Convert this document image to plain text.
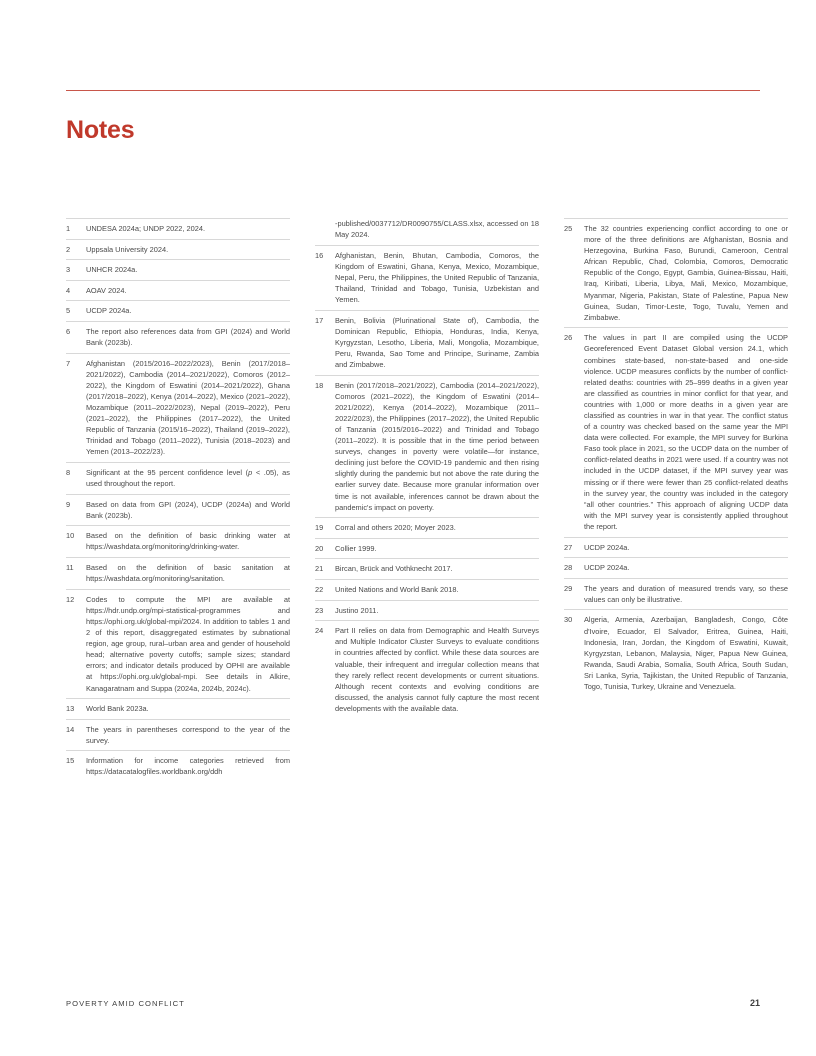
Notes
1	UNDESA 2024a; UNDP 2022, 2024.
2	Uppsala University 2024.
3	UNHCR 2024a.
4	AOAV 2024.
5	UCDP 2024a.
6	The report also references data from GPI (2024) and World Bank (2023b).
7	Afghanistan (2015/2016–2022/2023), Benin (2017/2018–2021/2022), Cambodia (2014–2021/2022), Comoros (2012–2022), the Kingdom of Eswatini (2014–2021/2022), Ghana (2017/2018–2022), Kenya (2014–2022), Mexico (2021–2022), Mozambique (2011–2022/2023), Nepal (2019–2022), Peru (2021–2022), the Philippines (2017–2022), the United Republic of Tanzania (2015/16–2022), Thailand (2019–2022), Trinidad and Tobago (2011–2022), Tunisia (2018–2023) and Yemen (2013–2022/23).
8	Significant at the 95 percent confidence level (p < .05), as used throughout the report.
9	Based on data from GPI (2024), UCDP (2024a) and World Bank (2023b).
10	Based on the definition of basic drinking water at https://washdata.org/monitoring/drinking-water.
11	Based on the definition of basic sanitation at https://washdata.org/monitoring/sanitation.
12	Codes to compute the MPI are available at https://hdr.undp.org/mpi-statistical-programmes and https://ophi.org.uk/global-mpi/2024. In addition to tables 1 and 2 of this report, disaggregated estimates by subnational region, age group, rural–urban area and gender of household head; alternative poverty cutoffs; sample sizes; standard errors; and indicator details produced by OPHI are available at https://ophi.org.uk/global-mpi. See details in Alkire, Kanagaratnam and Suppa (2024a, 2024b, 2024c).
13	World Bank 2023a.
14	The years in parentheses correspond to the year of the survey.
15	Information for income categories retrieved from https://datacatalogfiles.worldbank.org/ddh
-published/0037712/DR0090755/CLASS.xlsx, accessed on 18 May 2024.
16	Afghanistan, Benin, Bhutan, Cambodia, Comoros, the Kingdom of Eswatini, Ghana, Kenya, Mexico, Mozambique, Nepal, Peru, the Philippines, the United Republic of Tanzania, Thailand, Trinidad and Tobago, Tunisia, Uzbekistan and Yemen.
17	Benin, Bolivia (Plurinational State of), Cambodia, the Dominican Republic, Ethiopia, Honduras, India, Kenya, Kyrgyzstan, Lesotho, Liberia, Mali, Mongolia, Mozambique, Peru, Rwanda, Sao Tome and Principe, Suriname, Zambia and Zimbabwe.
18	Benin (2017/2018–2021/2022), Cambodia (2014–2021/2022), Comoros (2021–2022), the Kingdom of Eswatini (2014–2021/2022), Kenya (2014–2022), Mozambique (2011–2022/2023), the Philippines (2017–2022), the United Republic of Tanzania (2015/2016–2022) and Trinidad and Tobago (2011–2022). It is possible that in the time period between surveys, changes in poverty were volatile—for instance, declining just before the COVID-19 pandemic and then rising slightly during the pandemic but not above the rate during the earlier survey date. Because more granular information over time is not available, inferences cannot be drawn about the pandemic's impact on poverty.
19	Corral and others 2020; Moyer 2023.
20	Collier 1999.
21	Bircan, Brück and Vothknecht 2017.
22	United Nations and World Bank 2018.
23	Justino 2011.
24	Part II relies on data from Demographic and Health Surveys and Multiple Indicator Cluster Surveys to evaluate conditions in countries affected by conflict. While these data sources are valuable, their infrequent and irregular collection means that they rarely reflect recent developments or current situations. Although recent contexts and evolving conditions are discussed, the analysis cannot fully capture the most recent developments with the available data.
25	The 32 countries experiencing conflict according to one or more of the three definitions are Afghanistan, Bosnia and Herzegovina, Burkina Faso, Burundi, Cameroon, Central African Republic, Chad, Colombia, Comoros, Democratic Republic of the Congo, Egypt, Gambia, Guinea-Bissau, Haiti, Iraq, Kiribati, Liberia, Libya, Mali, Mexico, Mozambique, Myanmar, Nigeria, Pakistan, State of Palestine, Papua New Guinea, Sudan, Timor-Leste, Togo, Tuvalu, Yemen and Zimbabwe.
26	The values in part II are compiled using the UCDP Georeferenced Event Dataset Global version 24.1, which combines state-based, non-state-based and one-side violence. UCDP measures conflicts by the number of conflict-related deaths: countries with 25–999 deaths in a given year are classified as countries in minor conflict for that year, and countries with 1,000 or more deaths in a given year are classified as countries in war in that year. The conflict status of a country was checked based on the same year the MPI data were collected. For example, the MPI survey for Burkina Faso took place in 2021, so the UCDP data on the number of conflict-related deaths in 2021 were used. If a country was not included in the UCDP dataset, if the MPI survey year was missing or if there were fewer than 25 conflict-related deaths in the survey year, the country was included in the category “all other countries.” This approach of aligning UCDP data with the MPI survey year is consistently applied throughout the report.
27	UCDP 2024a.
28	UCDP 2024a.
29	The years and duration of measured trends vary, so these values can only be illustrative.
30	Algeria, Armenia, Azerbaijan, Bangladesh, Congo, Côte d'Ivoire, Ecuador, El Salvador, Eritrea, Guinea, Haiti, Indonesia, Iran, Jordan, the Kingdom of Eswatini, Kuwait, Kyrgyzstan, Lebanon, Malaysia, Niger, Papua New Guinea, Rwanda, Saudi Arabia, Somalia, South Africa, South Sudan, Sri Lanka, Syria, Tajikistan, the United Republic of Tanzania, Togo, Tunisia, Turkey, Ukraine and Venezuela.
POVERTY AMID CONFLICT	21
